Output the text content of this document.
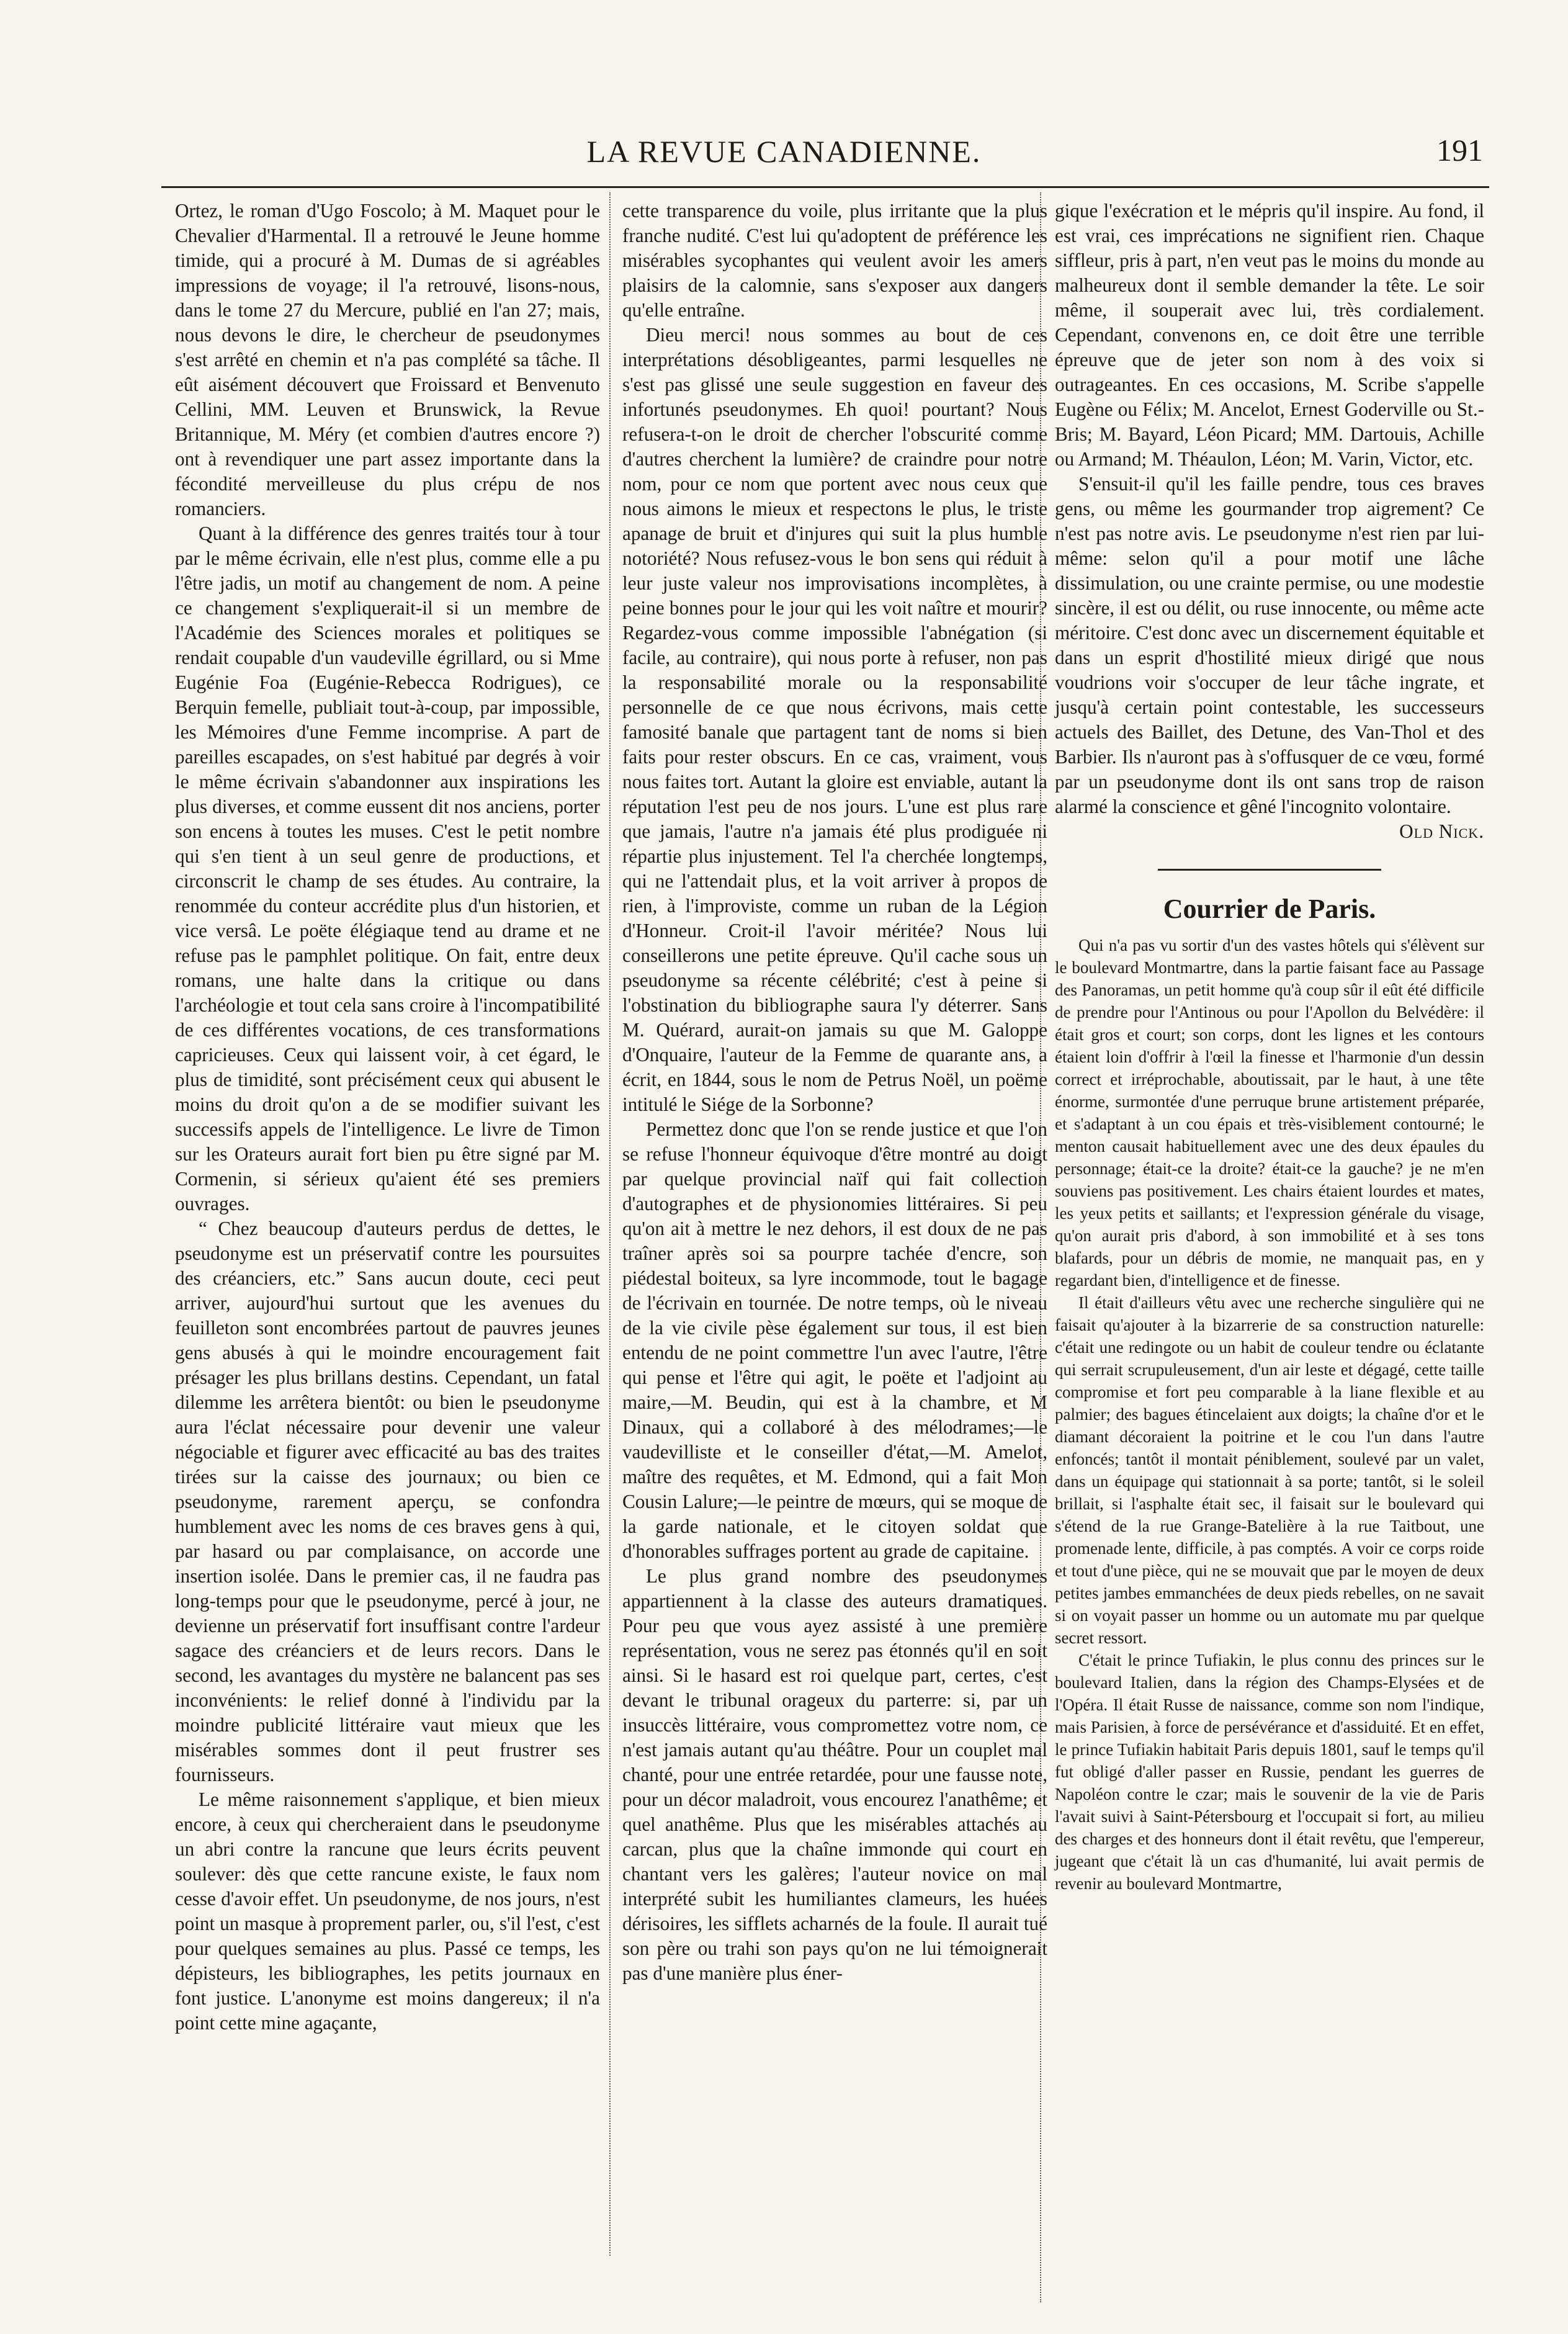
LA REVUE CANADIENNE.	191

Ortez, le roman d'Ugo Foscolo; à M. Maquet pour le Chevalier d'Harmental. Il a retrouvé le Jeune homme timide, qui a procuré à M. Dumas de si agréables impressions de voyage; il l'a retrouvé, lisons-nous, dans le tome 27 du Mercure, publié en l'an 27; mais, nous devons le dire, le chercheur de pseudonymes s'est arrêté en chemin et n'a pas complété sa tâche. Il eût aisément découvert que Froissard et Benvenuto Cellini, MM. Leuven et Brunswick, la Revue Britannique, M. Méry (et combien d'autres encore ?) ont à revendiquer une part assez importante dans la fécondité merveilleuse du plus crépu de nos romanciers.

Quant à la différence des genres traités tour à tour par le même écrivain, elle n'est plus, comme elle a pu l'être jadis, un motif au changement de nom. A peine ce changement s'expliquerait-il si un membre de l'Académie des Sciences morales et politiques se rendait coupable d'un vaudeville égrillard, ou si Mme Eugénie Foa (Eugénie-Rebecca Rodrigues), ce Berquin femelle, publiait tout-à-coup, par impossible, les Mémoires d'une Femme incomprise. A part de pareilles escapades, on s'est habitué par degrés à voir le même écrivain s'abandonner aux inspirations les plus diverses, et comme eussent dit nos anciens, porter son encens à toutes les muses. C'est le petit nombre qui s'en tient à un seul genre de productions, et circonscrit le champ de ses études. Au contraire, la renommée du conteur accrédite plus d'un historien, et vice versâ. Le poëte élégiaque tend au drame et ne refuse pas le pamphlet politique. On fait, entre deux romans, une halte dans la critique ou dans l'archéologie et tout cela sans croire à l'incompatibilité de ces différentes vocations, de ces transformations capricieuses. Ceux qui laissent voir, à cet égard, le plus de timidité, sont précisément ceux qui abusent le moins du droit qu'on a de se modifier suivant les successifs appels de l'intelligence. Le livre de Timon sur les Orateurs aurait fort bien pu être signé par M. Cormenin, si sérieux qu'aient été ses premiers ouvrages.

“ Chez beaucoup d'auteurs perdus de dettes, le pseudonyme est un préservatif contre les poursuites des créanciers, etc.” Sans aucun doute, ceci peut arriver, aujourd'hui surtout que les avenues du feuilleton sont encombrées partout de pauvres jeunes gens abusés à qui le moindre encouragement fait présager les plus brillans destins. Cependant, un fatal dilemme les arrêtera bientôt: ou bien le pseudonyme aura l'éclat nécessaire pour devenir une valeur négociable et figurer avec efficacité au bas des traites tirées sur la caisse des journaux; ou bien ce pseudonyme, rarement aperçu, se confondra humblement avec les noms de ces braves gens à qui, par hasard ou par complaisance, on accorde une insertion isolée. Dans le premier cas, il ne faudra pas long-temps pour que le pseudonyme, percé à jour, ne devienne un préservatif fort insuffisant contre l'ardeur sagace des créanciers et de leurs recors. Dans le second, les avantages du mystère ne balancent pas ses inconvénients: le relief donné à l'individu par la moindre publicité littéraire vaut mieux que les misérables sommes dont il peut frustrer ses fournisseurs.

Le même raisonnement s'applique, et bien mieux encore, à ceux qui chercheraient dans le pseudonyme un abri contre la rancune que leurs écrits peuvent soulever: dès que cette rancune existe, le faux nom cesse d'avoir effet. Un pseudonyme, de nos jours, n'est point un masque à proprement parler, ou, s'il l'est, c'est pour quelques semaines au plus. Passé ce temps, les dépisteurs, les bibliographes, les petits journaux en font justice. L'anonyme est moins dangereux; il n'a point cette mine agaçante,

cette transparence du voile, plus irritante que la plus franche nudité. C'est lui qu'adoptent de préférence les misérables sycophantes qui veulent avoir les amers plaisirs de la calomnie, sans s'exposer aux dangers qu'elle entraîne.

Dieu merci! nous sommes au bout de ces interprétations désobligeantes, parmi lesquelles ne s'est pas glissé une seule suggestion en faveur des infortunés pseudonymes. Eh quoi! pourtant? Nous refusera-t-on le droit de chercher l'obscurité comme d'autres cherchent la lumière? de craindre pour notre nom, pour ce nom que portent avec nous ceux que nous aimons le mieux et respectons le plus, le triste apanage de bruit et d'injures qui suit la plus humble notoriété? Nous refusez-vous le bon sens qui réduit à leur juste valeur nos improvisations incomplètes, à peine bonnes pour le jour qui les voit naître et mourir? Regardez-vous comme impossible l'abnégation (si facile, au contraire), qui nous porte à refuser, non pas la responsabilité morale ou la responsabilité personnelle de ce que nous écrivons, mais cette famosité banale que partagent tant de noms si bien faits pour rester obscurs. En ce cas, vraiment, vous nous faites tort. Autant la gloire est enviable, autant la réputation l'est peu de nos jours. L'une est plus rare que jamais, l'autre n'a jamais été plus prodiguée ni répartie plus injustement. Tel l'a cherchée longtemps, qui ne l'attendait plus, et la voit arriver à propos de rien, à l'improviste, comme un ruban de la Légion d'Honneur. Croit-il l'avoir méritée? Nous lui conseillerons une petite épreuve. Qu'il cache sous un pseudonyme sa récente célébrité; c'est à peine si l'obstination du bibliographe saura l'y déterrer. Sans M. Quérard, aurait-on jamais su que M. Galoppe d'Onquaire, l'auteur de la Femme de quarante ans, a écrit, en 1844, sous le nom de Petrus Noël, un poëme intitulé le Siége de la Sorbonne?

Permettez donc que l'on se rende justice et que l'on se refuse l'honneur équivoque d'être montré au doigt par quelque provincial naïf qui fait collection d'autographes et de physionomies littéraires. Si peu qu'on ait à mettre le nez dehors, il est doux de ne pas traîner après soi sa pourpre tachée d'encre, son piédestal boiteux, sa lyre incommode, tout le bagage de l'écrivain en tournée. De notre temps, où le niveau de la vie civile pèse également sur tous, il est bien entendu de ne point commettre l'un avec l'autre, l'être qui pense et l'être qui agit, le poëte et l'adjoint au maire,—M. Beudin, qui est à la chambre, et M Dinaux, qui a collaboré à des mélodrames;—le vaudevilliste et le conseiller d'état,—M. Amelot, maître des requêtes, et M. Edmond, qui a fait Mon Cousin Lalure;—le peintre de mœurs, qui se moque de la garde nationale, et le citoyen soldat que d'honorables suffrages portent au grade de capitaine.

Le plus grand nombre des pseudonymes appartiennent à la classe des auteurs dramatiques. Pour peu que vous ayez assisté à une première représentation, vous ne serez pas étonnés qu'il en soit ainsi. Si le hasard est roi quelque part, certes, c'est devant le tribunal orageux du parterre: si, par un insuccès littéraire, vous compromettez votre nom, ce n'est jamais autant qu'au théâtre. Pour un couplet mal chanté, pour une entrée retardée, pour une fausse note, pour un décor maladroit, vous encourez l'anathême; et quel anathême. Plus que les misérables attachés au carcan, plus que la chaîne immonde qui court en chantant vers les galères; l'auteur novice on mal interprété subit les humiliantes clameurs, les huées dérisoires, les sifflets acharnés de la foule. Il aurait tué son père ou trahi son pays qu'on ne lui témoignerait pas d'une manière plus éner-

gique l'exécration et le mépris qu'il inspire. Au fond, il est vrai, ces imprécations ne signifient rien. Chaque siffleur, pris à part, n'en veut pas le moins du monde au malheureux dont il semble demander la tête. Le soir même, il souperait avec lui, très cordialement. Cependant, convenons en, ce doit être une terrible épreuve que de jeter son nom à des voix si outrageantes. En ces occasions, M. Scribe s'appelle Eugène ou Félix; M. Ancelot, Ernest Goderville ou St.-Bris; M. Bayard, Léon Picard; MM. Dartouis, Achille ou Armand; M. Théaulon, Léon; M. Varin, Victor, etc.

S'ensuit-il qu'il les faille pendre, tous ces braves gens, ou même les gourmander trop aigrement? Ce n'est pas notre avis. Le pseudonyme n'est rien par lui-même: selon qu'il a pour motif une lâche dissimulation, ou une crainte permise, ou une modestie sincère, il est ou délit, ou ruse innocente, ou même acte méritoire. C'est donc avec un discernement équitable et dans un esprit d'hostilité mieux dirigé que nous voudrions voir s'occuper de leur tâche ingrate, et jusqu'à certain point contestable, les successeurs actuels des Baillet, des Detune, des Van-Thol et des Barbier. Ils n'auront pas à s'offusquer de ce vœu, formé par un pseudonyme dont ils ont sans trop de raison alarmé la conscience et gêné l'incognito volontaire.

Old Nick.

Courrier de Paris.

Qui n'a pas vu sortir d'un des vastes hôtels qui s'élèvent sur le boulevard Montmartre, dans la partie faisant face au Passage des Panoramas, un petit homme qu'à coup sûr il eût été difficile de prendre pour l'Antinous ou pour l'Apollon du Belvédère: il était gros et court; son corps, dont les lignes et les contours étaient loin d'offrir à l'œil la finesse et l'harmonie d'un dessin correct et irréprochable, aboutissait, par le haut, à une tête énorme, surmontée d'une perruque brune artistement préparée, et s'adaptant à un cou épais et très-visiblement contourné; le menton causait habituellement avec une des deux épaules du personnage; était-ce la droite? était-ce la gauche? je ne m'en souviens pas positivement. Les chairs étaient lourdes et mates, les yeux petits et saillants; et l'expression générale du visage, qu'on aurait pris d'abord, à son immobilité et à ses tons blafards, pour un débris de momie, ne manquait pas, en y regardant bien, d'intelligence et de finesse.

Il était d'ailleurs vêtu avec une recherche singulière qui ne faisait qu'ajouter à la bizarrerie de sa construction naturelle: c'était une redingote ou un habit de couleur tendre ou éclatante qui serrait scrupuleusement, d'un air leste et dégagé, cette taille compromise et fort peu comparable à la liane flexible et au palmier; des bagues étincelaient aux doigts; la chaîne d'or et le diamant décoraient la poitrine et le cou l'un dans l'autre enfoncés; tantôt il montait péniblement, soulevé par un valet, dans un équipage qui stationnait à sa porte; tantôt, si le soleil brillait, si l'asphalte était sec, il faisait sur le boulevard qui s'étend de la rue Grange-Batelière à la rue Taitbout, une promenade lente, difficile, à pas comptés. A voir ce corps roide et tout d'une pièce, qui ne se mouvait que par le moyen de deux petites jambes emmanchées de deux pieds rebelles, on ne savait si on voyait passer un homme ou un automate mu par quelque secret ressort.

C'était le prince Tufiakin, le plus connu des princes sur le boulevard Italien, dans la région des Champs-Elysées et de l'Opéra. Il était Russe de naissance, comme son nom l'indique, mais Parisien, à force de persévérance et d'assiduité. Et en effet, le prince Tufiakin habitait Paris depuis 1801, sauf le temps qu'il fut obligé d'aller passer en Russie, pendant les guerres de Napoléon contre le czar; mais le souvenir de la vie de Paris l'avait suivi à Saint-Pétersbourg et l'occupait si fort, au milieu des charges et des honneurs dont il était revêtu, que l'empereur, jugeant que c'était là un cas d'humanité, lui avait permis de revenir au boulevard Montmartre,
